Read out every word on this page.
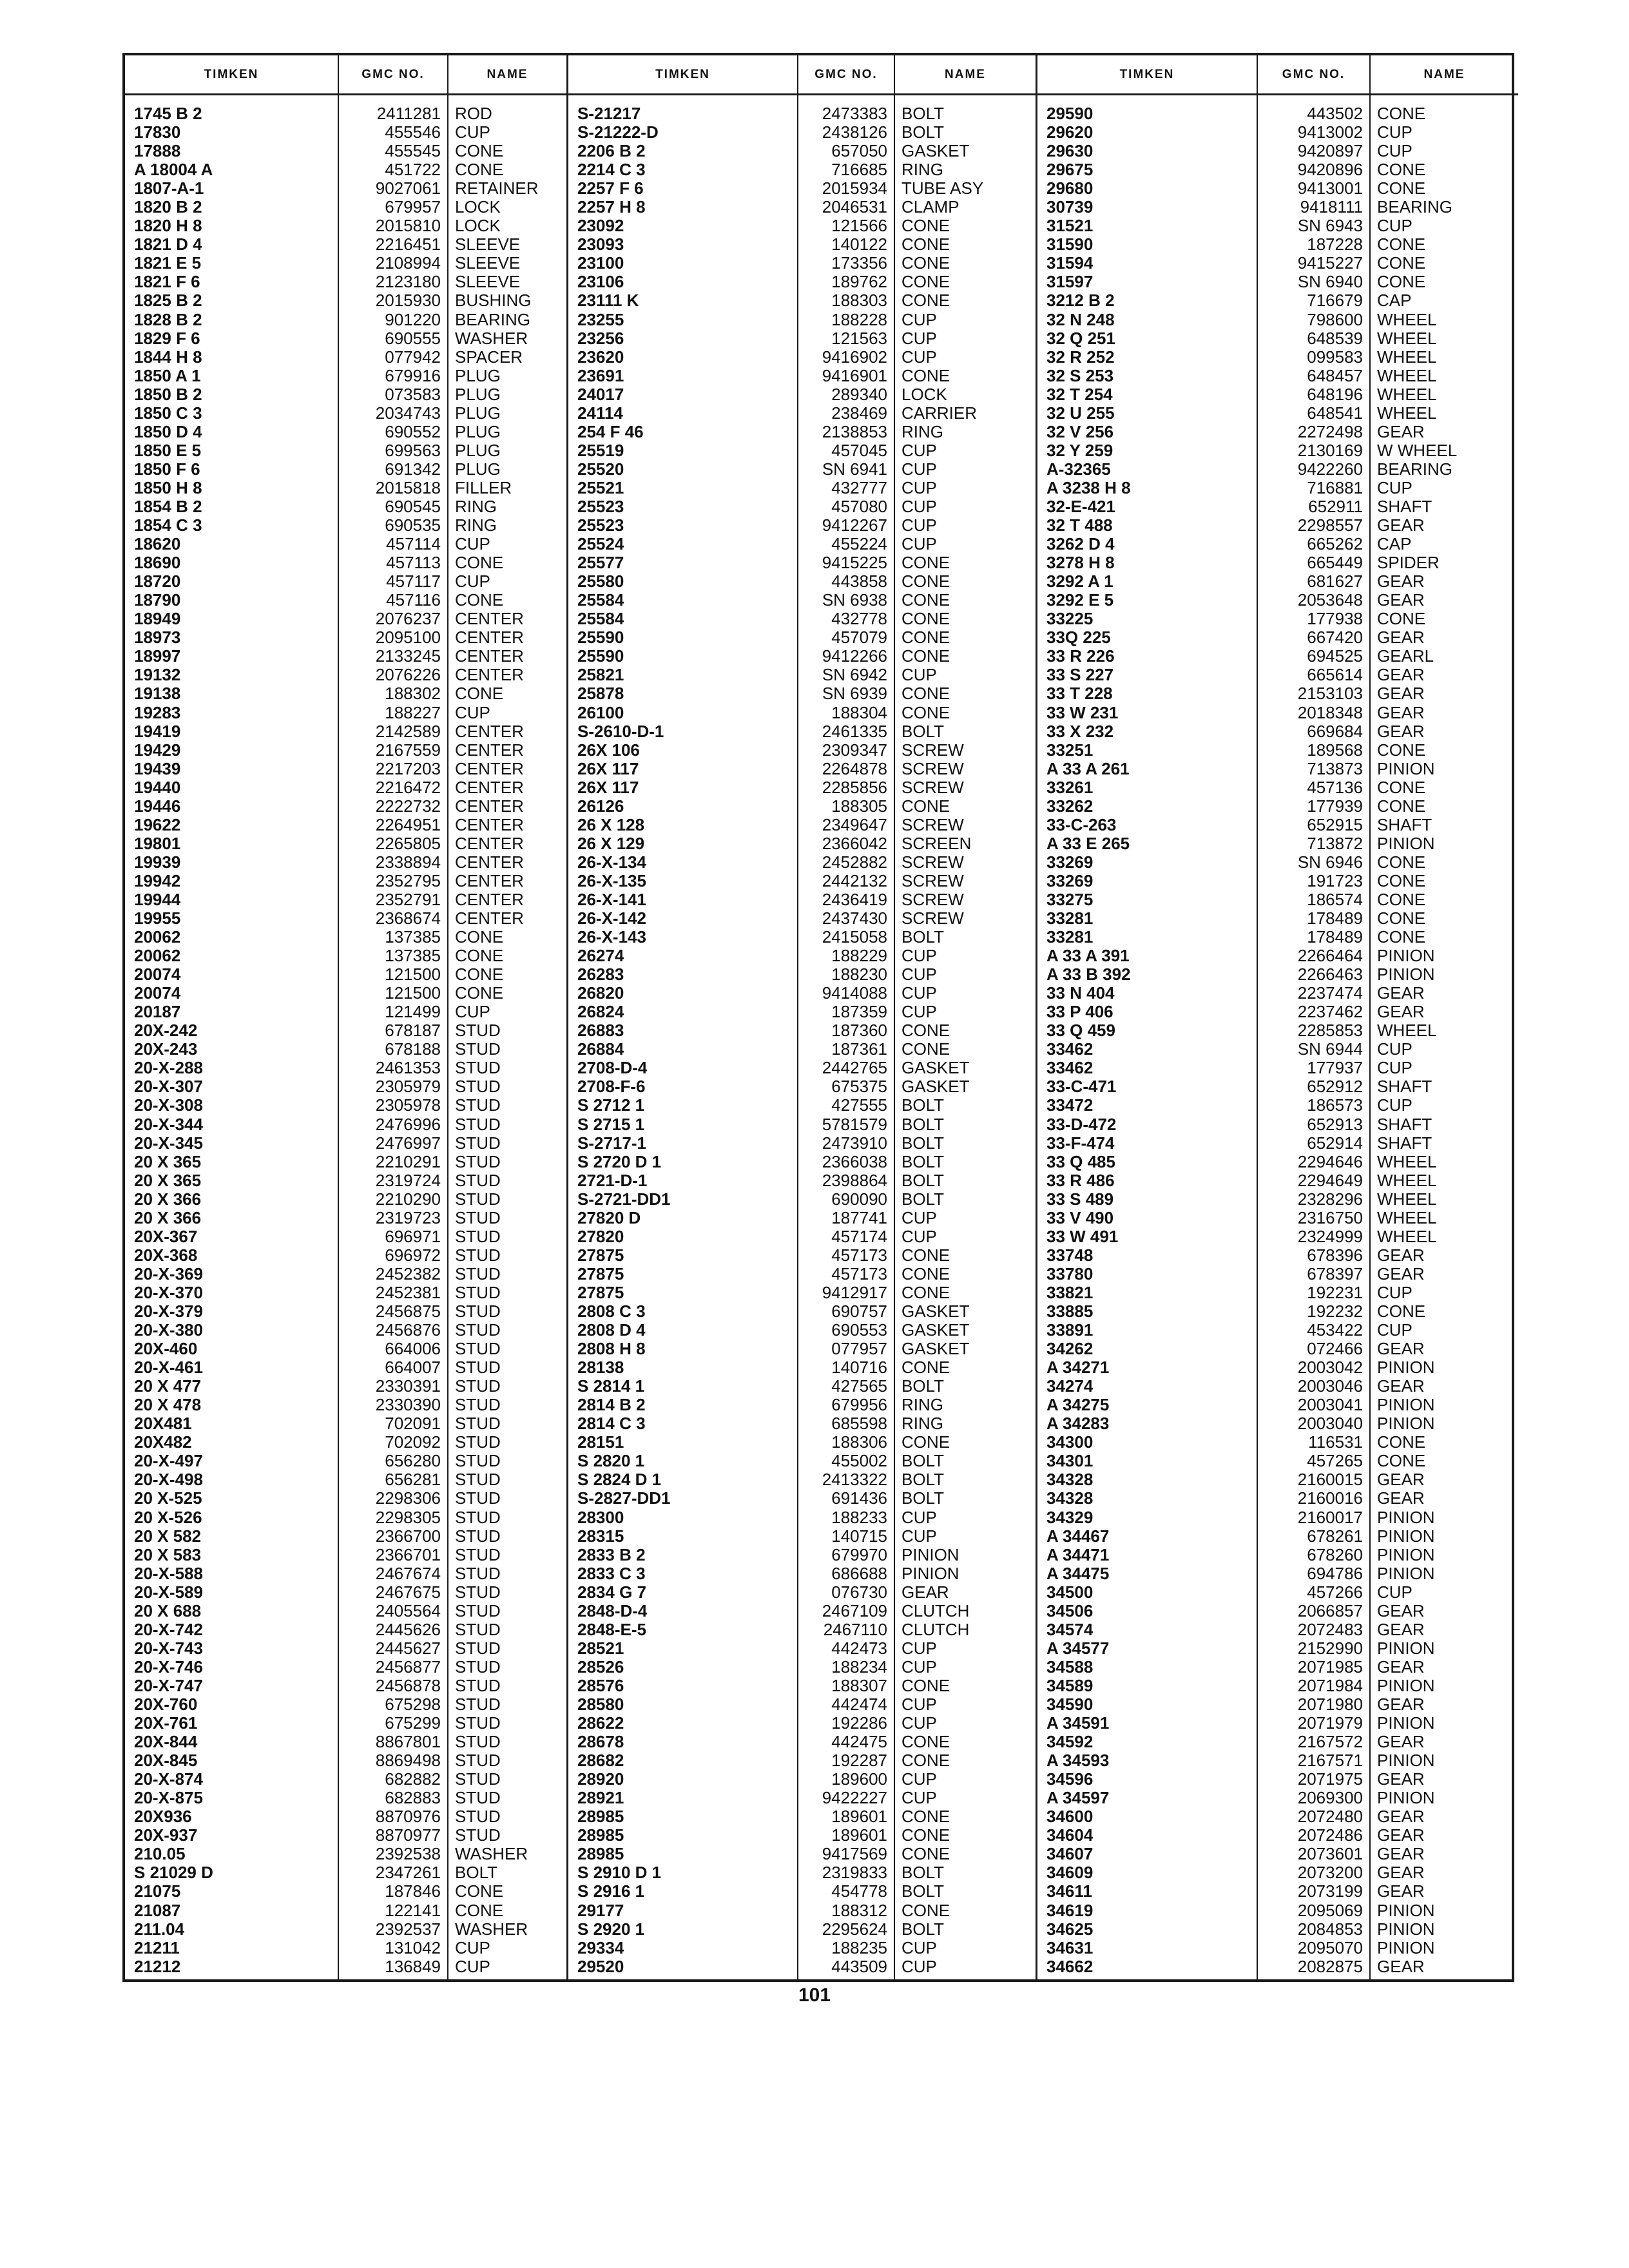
TIMKEN
1745 B 2
17830
17888
A 18004 A
1807-A-1
1820 B 2
1820 H 8
1821 D 4
1821 E 5
1821 F 6
1825 B 2
1828 B 2
1829 F 6
1844 H 8
1850 A 1
1850 B 2
1850 C 3
1850 D 4
1850 E 5
1850 F 6
1850 H 8
1854 B 2
1854 C 3
18620
18690
18720
18790
18949
18973
18997
19132
19138
19283
19419
19429
19439
19440
19446
19622
19801
19939
19942
19944
19955
20062
20062
20074
20074
20187
20X-242
20X-243
20-X-288
20-X-307
20-X-308
20-X-344
20-X-345
20 X 365
20 X 365
20 X 366
20 X 366
20X-367
20X-368
20-X-369
20-X-370
20-X-379
20-X-380
20X-460
20-X-461
20 X 477
20 X 478
20X481
20X482
20-X-497
20-X-498
20 X-525
20 X-526
20 X 582
20 X 583
20-X-588
20-X-589
20 X 688
20-X-742
20-X-743
20-X-746
20-X-747
20X-760
20X-761
20X-844
20X-845
20-X-874
20-X-875
20X936
20X-937
210.05
S 21029 D
21075
21087
211.04
21211
21212
GMC NO.
2411281
455546
455545
451722
9027061
679957
2015810
2216451
2108994
2123180
2015930
901220
690555
077942
679916
073583
2034743
690552
699563
691342
2015818
690545
690535
457114
457113
457117
457116
2076237
2095100
2133245
2076226
188302
188227
2142589
2167559
2217203
2216472
2222732
2264951
2265805
2338894
2352795
2352791
2368674
137385
137385
121500
121500
121499
678187
678188
2461353
2305979
2305978
2476996
2476997
2210291
2319724
2210290
2319723
696971
696972
2452382
2452381
2456875
2456876
664006
664007
2330391
2330390
702091
702092
656280
656281
2298306
2298305
2366700
2366701
2467674
2467675
2405564
2445626
2445627
2456877
2456878
675298
675299
8867801
8869498
682882
682883
8870976
8870977
2392538
2347261
187846
122141
2392537
131042
136849
NAME
ROD
CUP
CONE
CONE
RETAINER
LOCK
LOCK
SLEEVE
SLEEVE
SLEEVE
BUSHING
BEARING
WASHER
SPACER
PLUG
PLUG
PLUG
PLUG
PLUG
PLUG
FILLER
RING
RING
CUP
CONE
CUP
CONE
CENTER
CENTER
CENTER
CENTER
CONE
CUP
CENTER
CENTER
CENTER
CENTER
CENTER
CENTER
CENTER
CENTER
CENTER
CENTER
CENTER
CONE
CONE
CONE
CONE
CUP
STUD
STUD
STUD
STUD
STUD
STUD
STUD
STUD
STUD
STUD
STUD
STUD
STUD
STUD
STUD
STUD
STUD
STUD
STUD
STUD
STUD
STUD
STUD
STUD
STUD
STUD
STUD
STUD
STUD
STUD
STUD
STUD
STUD
STUD
STUD
STUD
STUD
STUD
STUD
STUD
STUD
STUD
STUD
STUD
WASHER
BOLT
CONE
CONE
WASHER
CUP
CUP
TIMKEN
S-21217
S-21222-D
2206 B 2
2214 C 3
2257 F 6
2257 H 8
23092
23093
23100
23106
23111 K
23255
23256
23620
23691
24017
24114
254 F 46
25519
25520
25521
25523
25523
25524
25577
25580
25584
25584
25590
25590
25821
25878
26100
S-2610-D-1
26X 106
26X 117
26X 117
26126
26 X 128
26 X 129
26-X-134
26-X-135
26-X-141
26-X-142
26-X-143
26274
26283
26820
26824
26883
26884
2708-D-4
2708-F-6
S 2712 1
S 2715 1
S-2717-1
S 2720 D 1
2721-D-1
S-2721-DD1
27820 D
27820
27875
27875
27875
2808 C 3
2808 D 4
2808 H 8
28138
S 2814 1
2814 B 2
2814 C 3
28151
S 2820 1
S 2824 D 1
S-2827-DD1
28300
28315
2833 B 2
2833 C 3
2834 G 7
2848-D-4
2848-E-5
28521
28526
28576
28580
28622
28678
28682
28920
28921
28985
28985
28985
S 2910 D 1
S 2916 1
29177
S 2920 1
29334
29520
GMC NO.
2473383
2438126
657050
716685
2015934
2046531
121566
140122
173356
189762
188303
188228
121563
9416902
9416901
289340
238469
2138853
457045
SN 6941
432777
457080
9412267
455224
9415225
443858
SN 6938
432778
457079
9412266
SN 6942
SN 6939
188304
2461335
2309347
2264878
2285856
188305
2349647
2366042
2452882
2442132
2436419
2437430
2415058
188229
188230
9414088
187359
187360
187361
2442765
675375
427555
5781579
2473910
2366038
2398864
690090
187741
457174
457173
457173
9412917
690757
690553
077957
140716
427565
679956
685598
188306
455002
2413322
691436
188233
140715
679970
686688
076730
2467109
2467110
442473
188234
188307
442474
192286
442475
192287
189600
9422227
189601
189601
9417569
2319833
454778
188312
2295624
188235
443509
NAME
BOLT
BOLT
GASKET
RING
TUBE ASY
CLAMP
CONE
CONE
CONE
CONE
CONE
CUP
CUP
CUP
CONE
LOCK
CARRIER
RING
CUP
CUP
CUP
CUP
CUP
CUP
CONE
CONE
CONE
CONE
CONE
CONE
CUP
CONE
CONE
BOLT
SCREW
SCREW
SCREW
CONE
SCREW
SCREEN
SCREW
SCREW
SCREW
SCREW
BOLT
CUP
CUP
CUP
CUP
CONE
CONE
GASKET
GASKET
BOLT
BOLT
BOLT
BOLT
BOLT
BOLT
CUP
CUP
CONE
CONE
CONE
GASKET
GASKET
GASKET
CONE
BOLT
RING
RING
CONE
BOLT
BOLT
BOLT
CUP
CUP
PINION
PINION
GEAR
CLUTCH
CLUTCH
CUP
CUP
CONE
CUP
CUP
CONE
CONE
CUP
CUP
CONE
CONE
CONE
BOLT
BOLT
CONE
BOLT
CUP
CUP
TIMKEN
29590
29620
29630
29675
29680
30739
31521
31590
31594
31597
3212 B 2
32 N 248
32 Q 251
32 R 252
32 S 253
32 T 254
32 U 255
32 V 256
32 Y 259
A-32365
A 3238 H 8
32-E-421
32 T 488
3262 D 4
3278 H 8
3292 A 1
3292 E 5
33225
33Q 225
33 R 226
33 S 227
33 T 228
33 W 231
33 X 232
33251
A 33 A 261
33261
33262
33-C-263
A 33 E 265
33269
33269
33275
33281
33281
A 33 A 391
A 33 B 392
33 N 404
33 P 406
33 Q 459
33462
33462
33-C-471
33472
33-D-472
33-F-474
33 Q 485
33 R 486
33 S 489
33 V 490
33 W 491
33748
33780
33821
33885
33891
34262
A 34271
34274
A 34275
A 34283
34300
34301
34328
34328
34329
A 34467
A 34471
A 34475
34500
34506
34574
A 34577
34588
34589
34590
A 34591
34592
A 34593
34596
A 34597
34600
34604
34607
34609
34611
34619
34625
34631
34662
GMC NO.
443502
9413002
9420897
9420896
9413001
9418111
SN 6943
187228
9415227
SN 6940
716679
798600
648539
099583
648457
648196
648541
2272498
2130169
9422260
716881
652911
2298557
665262
665449
681627
2053648
177938
667420
694525
665614
2153103
2018348
669684
189568
713873
457136
177939
652915
713872
SN 6946
191723
186574
178489
178489
2266464
2266463
2237474
2237462
2285853
SN 6944
177937
652912
186573
652913
652914
2294646
2294649
2328296
2316750
2324999
678396
678397
192231
192232
453422
072466
2003042
2003046
2003041
2003040
116531
457265
2160015
2160016
2160017
678261
678260
694786
457266
2066857
2072483
2152990
2071985
2071984
2071980
2071979
2167572
2167571
2071975
2069300
2072480
2072486
2073601
2073200
2073199
2095069
2084853
2095070
2082875
NAME
CONE
CUP
CUP
CONE
CONE
BEARING
CUP
CONE
CONE
CONE
CAP
WHEEL
WHEEL
WHEEL
WHEEL
WHEEL
WHEEL
GEAR
W WHEEL
BEARING
CUP
SHAFT
GEAR
CAP
SPIDER
GEAR
GEAR
CONE
GEAR
GEARL
GEAR
GEAR
GEAR
GEAR
CONE
PINION
CONE
CONE
SHAFT
PINION
CONE
CONE
CONE
CONE
CONE
PINION
PINION
GEAR
GEAR
WHEEL
CUP
CUP
SHAFT
CUP
SHAFT
SHAFT
WHEEL
WHEEL
WHEEL
WHEEL
WHEEL
GEAR
GEAR
CUP
CONE
CUP
GEAR
PINION
GEAR
PINION
PINION
CONE
CONE
GEAR
GEAR
PINION
PINION
PINION
PINION
CUP
GEAR
GEAR
PINION
GEAR
PINION
GEAR
PINION
GEAR
PINION
GEAR
PINION
GEAR
GEAR
GEAR
GEAR
GEAR
PINION
PINION
PINION
GEAR
101
